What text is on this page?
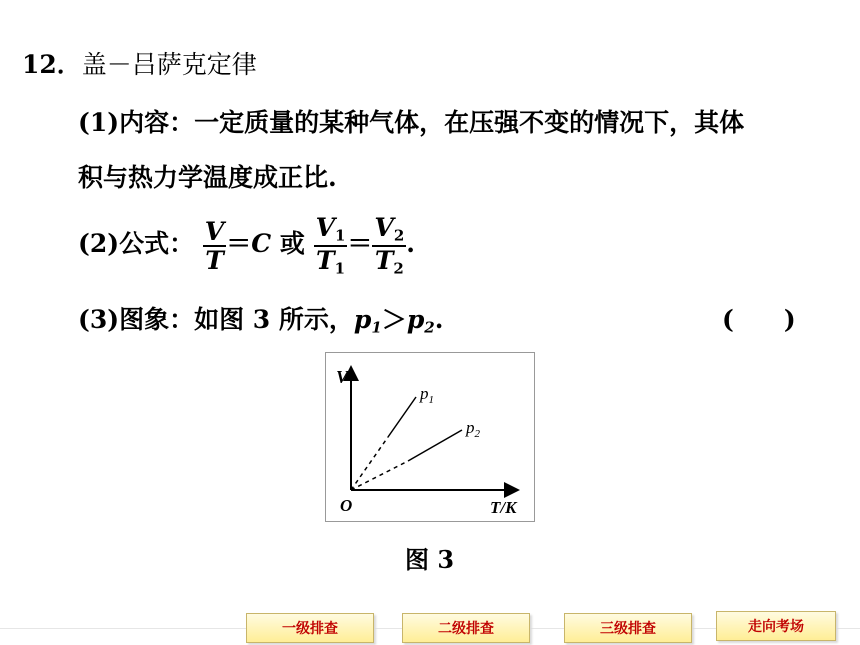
12．盖－吕萨克定律
(1)内容：一定质量的某种气体，在压强不变的情况下，其体
积与热力学温度成正比.
(2)公式： $\frac{V}{T} =C$ 或 $\frac{V_1}{T_1} = \frac{V_2}{T_2}$ .
(3)图象：如图 3 所示，$p_1>p_2$.	(　　)
V
O	T/K
$p_1$
$p_2$
图 3
一级排查	二级排查	三级排查	走向考场
